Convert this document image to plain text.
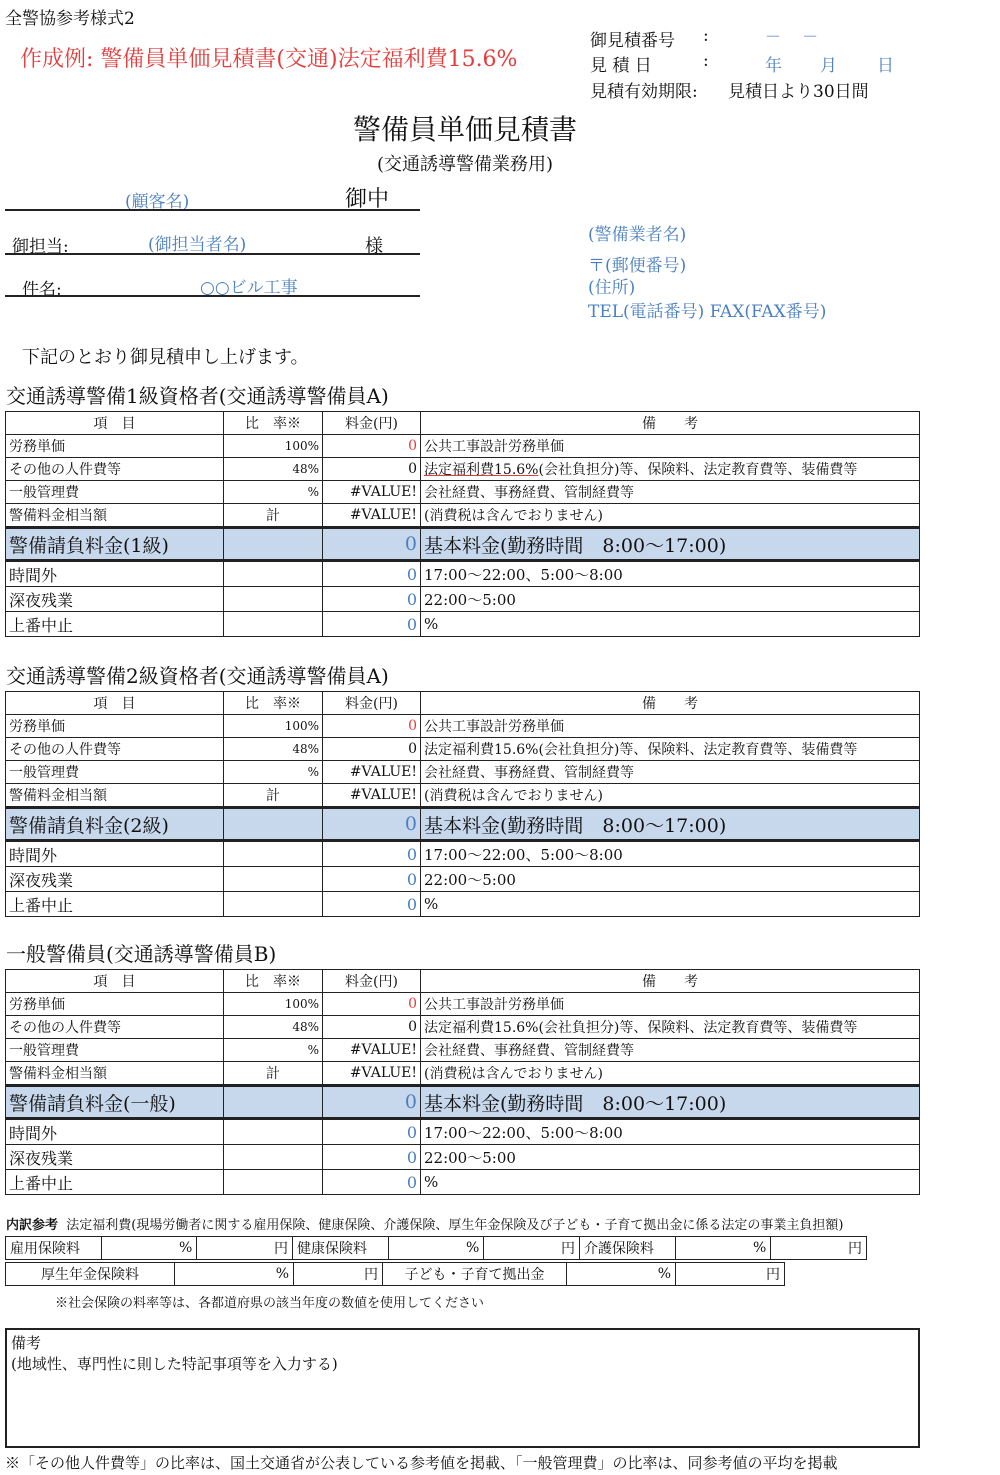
全警協参考様式2
作成例: 警備員単価見積書(交通)法定福利費15.6%
御見積番号 :	－　 －
見 積 日	:	年 月 日
見積有効期限: 見積日より30日間
警備員単価見積書
(交通誘導警備業務用)
(顧客名)	御中
御担当:	(御担当者名)	様
件名:	○○ビル工事
(警備業者名)
〒(郵便番号)
(住所)
TEL(電話番号) FAX(FAX番号)
下記のとおり御見積申し上げます。
交通誘導警備1級資格者(交通誘導警備員A)
項　目	比　率※	料金(円)	備　　考
労務単価	100%	0	公共工事設計労務単価
その他の人件費等	48%	0	法定福利費15.6%(会社負担分)等、保険料、法定教育費等、装備費等
一般管理費	%	#VALUE!	会社経費、事務経費、管制経費等
警備料金相当額	計	#VALUE!	(消費税は含んでおりません)
警備請負料金(1級)		0	基本料金(勤務時間　8:00～17:00)
時間外		0	17:00～22:00、5:00～8:00
深夜残業		0	22:00～5:00
上番中止		0	%
交通誘導警備2級資格者(交通誘導警備員A)
項　目	比　率※	料金(円)	備　　考
労務単価	100%	0	公共工事設計労務単価
その他の人件費等	48%	0	法定福利費15.6%(会社負担分)等、保険料、法定教育費等、装備費等
一般管理費	%	#VALUE!	会社経費、事務経費、管制経費等
警備料金相当額	計	#VALUE!	(消費税は含んでおりません)
警備請負料金(2級)		0	基本料金(勤務時間　8:00～17:00)
時間外		0	17:00～22:00、5:00～8:00
深夜残業		0	22:00～5:00
上番中止		0	%
一般警備員(交通誘導警備員B)
項　目	比　率※	料金(円)	備　　考
労務単価	100%	0	公共工事設計労務単価
その他の人件費等	48%	0	法定福利費15.6%(会社負担分)等、保険料、法定教育費等、装備費等
一般管理費	%	#VALUE!	会社経費、事務経費、管制経費等
警備料金相当額	計	#VALUE!	(消費税は含んでおりません)
警備請負料金(一般)		0	基本料金(勤務時間　8:00～17:00)
時間外		0	17:00～22:00、5:00～8:00
深夜残業		0	22:00～5:00
上番中止		0	%
内訳参考 法定福利費(現場労働者に関する雇用保険、健康保険、介護保険、厚生年金保険及び子ども・子育て拠出金に係る法定の事業主負担額)
雇用保険料	%	円	健康保険料	%	円	介護保険料	%	円
厚生年金保険料	%	円	子ども・子育て拠出金	%	円
※社会保険の料率等は、各都道府県の該当年度の数値を使用してください
備考
(地域性、専門性に則した特記事項等を入力する)
※「その他人件費等」の比率は、国土交通省が公表している参考値を掲載、「一般管理費」の比率は、同参考値の平均を掲載
